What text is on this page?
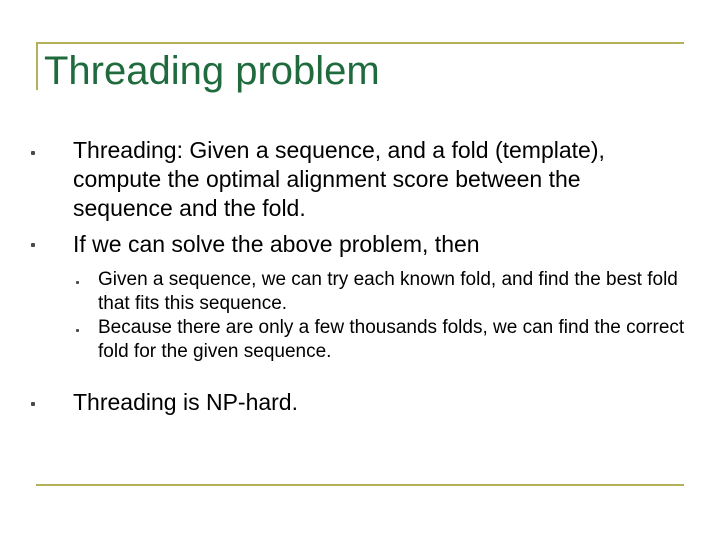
Threading problem
Threading: Given a sequence, and a fold (template), compute the optimal alignment score between the sequence and the fold.
If we can solve the above problem, then
Given a sequence, we can try each known fold, and find the best fold that fits this sequence.
Because there are only a few thousands folds, we can find the correct fold for the given sequence.
Threading is NP-hard.
